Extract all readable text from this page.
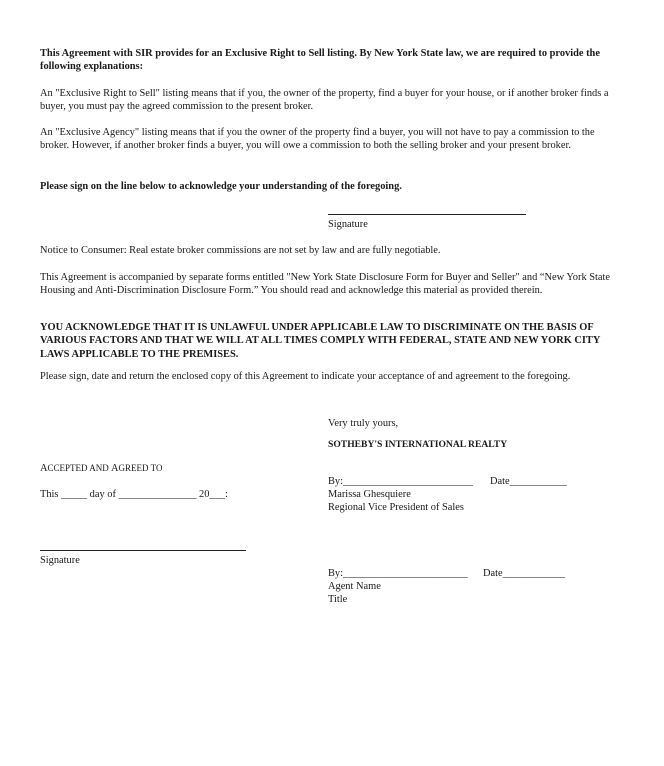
This Agreement with SIR provides for an Exclusive Right to Sell listing. By New York State law, we are required to provide the following explanations:

An "Exclusive Right to Sell" listing means that if you, the owner of the property, find a buyer for your house, or if another broker finds a buyer, you must pay the agreed commission to the present broker.

An "Exclusive Agency" listing means that if you the owner of the property find a buyer, you will not have to pay a commission to the broker. However, if another broker finds a buyer, you will owe a commission to both the selling broker and your present broker.

Please sign on the line below to acknowledge your understanding of the foregoing.

Signature

Notice to Consumer: Real estate broker commissions are not set by law and are fully negotiable.

This Agreement is accompanied by separate forms entitled "New York State Disclosure Form for Buyer and Seller" and “New York State Housing and Anti-Discrimination Disclosure Form.” You should read and acknowledge this material as provided therein.

YOU ACKNOWLEDGE THAT IT IS UNLAWFUL UNDER APPLICABLE LAW TO DISCRIMINATE ON THE BASIS OF VARIOUS FACTORS AND THAT WE WILL AT ALL TIMES COMPLY WITH FEDERAL, STATE AND NEW YORK CITY LAWS APPLICABLE TO THE PREMISES.

Please sign, date and return the enclosed copy of this Agreement to indicate your acceptance of and agreement to the foregoing.

Very truly yours,

SOTHEBY'S INTERNATIONAL REALTY

ACCEPTED AND AGREED TO

This _____ day of _______________ 20___:

By:_________________________ Date___________

Marissa Ghesquiere

Regional Vice President of Sales

Signature

By:________________________ Date____________

Agent Name

Title
